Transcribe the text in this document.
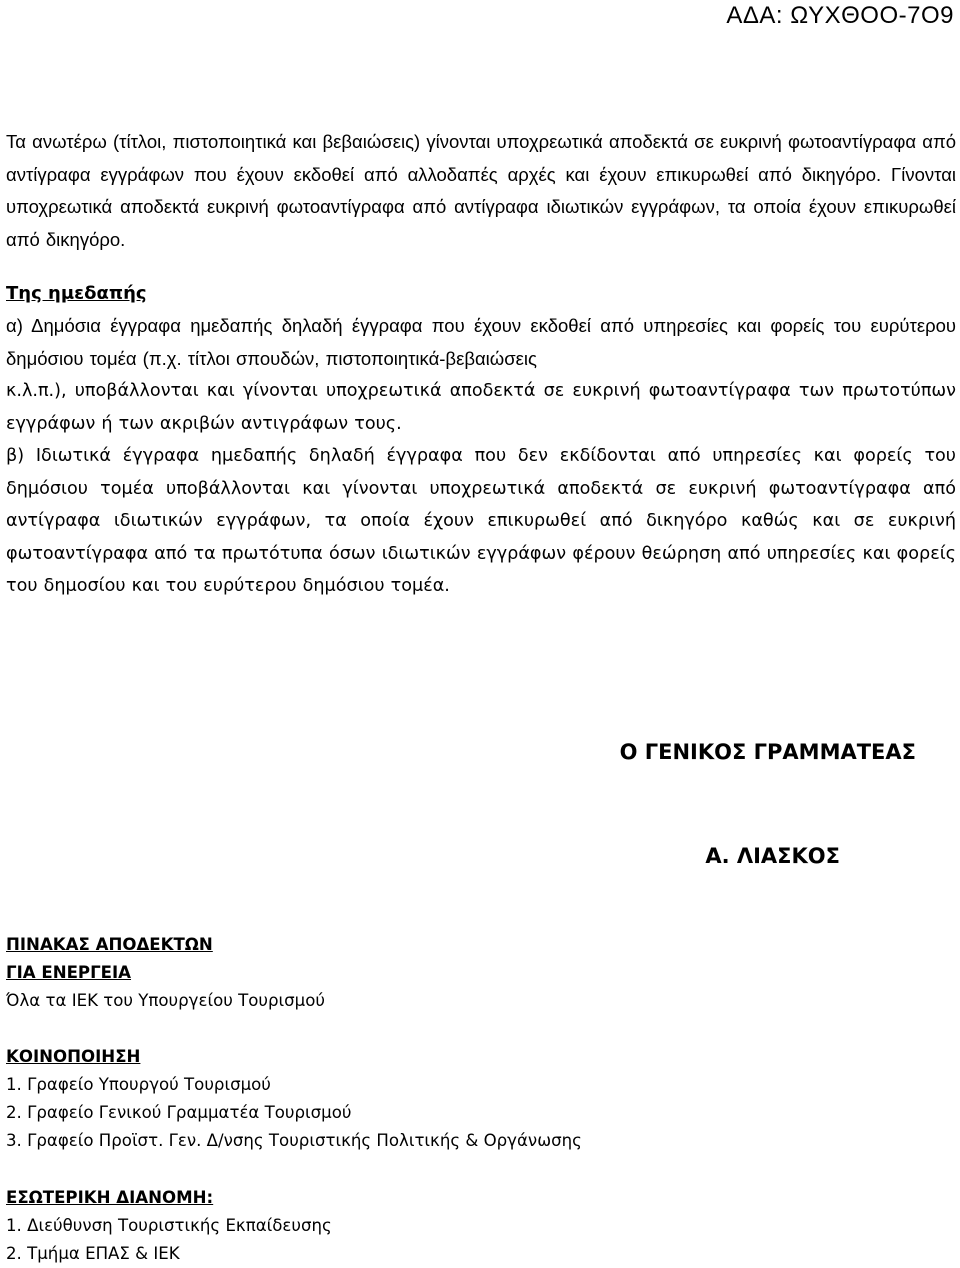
ΑΔΑ: ΩΥΧΘΟΟ-7Ο9

Τα ανωτέρω (τίτλοι, πιστοποιητικά και βεβαιώσεις) γίνονται υποχρεωτικά αποδεκτά σε ευκρινή φωτοαντίγραφα από αντίγραφα εγγράφων που έχουν εκδοθεί από αλλοδαπές αρχές και έχουν επικυρωθεί από δικηγόρο. Γίνονται υποχρεωτικά αποδεκτά ευκρινή φωτοαντίγραφα από αντίγραφα ιδιωτικών εγγράφων, τα οποία έχουν επικυρωθεί από δικηγόρο.

Της ημεδαπής

α) Δημόσια έγγραφα ημεδαπής δηλαδή έγγραφα που έχουν εκδοθεί από υπηρεσίες και φορείς του ευρύτερου δημόσιου τομέα (π.χ. τίτλοι σπουδών, πιστοποιητικά-βεβαιώσεις

κ.λ.π.), υποβάλλονται και γίνονται υποχρεωτικά αποδεκτά σε ευκρινή φωτοαντίγραφα των πρωτοτύπων εγγράφων ή των ακριβών αντιγράφων τους.

β) Ιδιωτικά έγγραφα ημεδαπής δηλαδή έγγραφα που δεν εκδίδονται από υπηρεσίες και φορείς του δημόσιου τομέα υποβάλλονται και γίνονται υποχρεωτικά αποδεκτά σε ευκρινή φωτοαντίγραφα από αντίγραφα ιδιωτικών εγγράφων, τα οποία έχουν επικυρωθεί από δικηγόρο καθώς και σε ευκρινή φωτοαντίγραφα από τα πρωτότυπα όσων ιδιωτικών εγγράφων φέρουν θεώρηση από υπηρεσίες και φορείς του δημοσίου και του ευρύτερου δημόσιου τομέα.

Ο ΓΕΝΙΚΟΣ ΓΡΑΜΜΑΤΕΑΣ
Α. ΛΙΑΣΚΟΣ
ΠΙΝΑΚΑΣ ΑΠΟΔΕΚΤΩΝ
ΓΙΑ ΕΝΕΡΓΕΙΑ
Όλα τα ΙΕΚ του Υπουργείου Τουρισμού
ΚΟΙΝΟΠΟΙΗΣΗ
1. Γραφείο Υπουργού Τουρισμού
2. Γραφείο Γενικού Γραμματέα Τουρισμού
3. Γραφείο Προϊστ. Γεν. Δ/νσης Τουριστικής Πολιτικής & Οργάνωσης
ΕΣΩΤΕΡΙΚΗ ΔΙΑΝΟΜΗ:
1. Διεύθυνση Τουριστικής Εκπαίδευσης
2. Τμήμα ΕΠΑΣ & ΙΕΚ
